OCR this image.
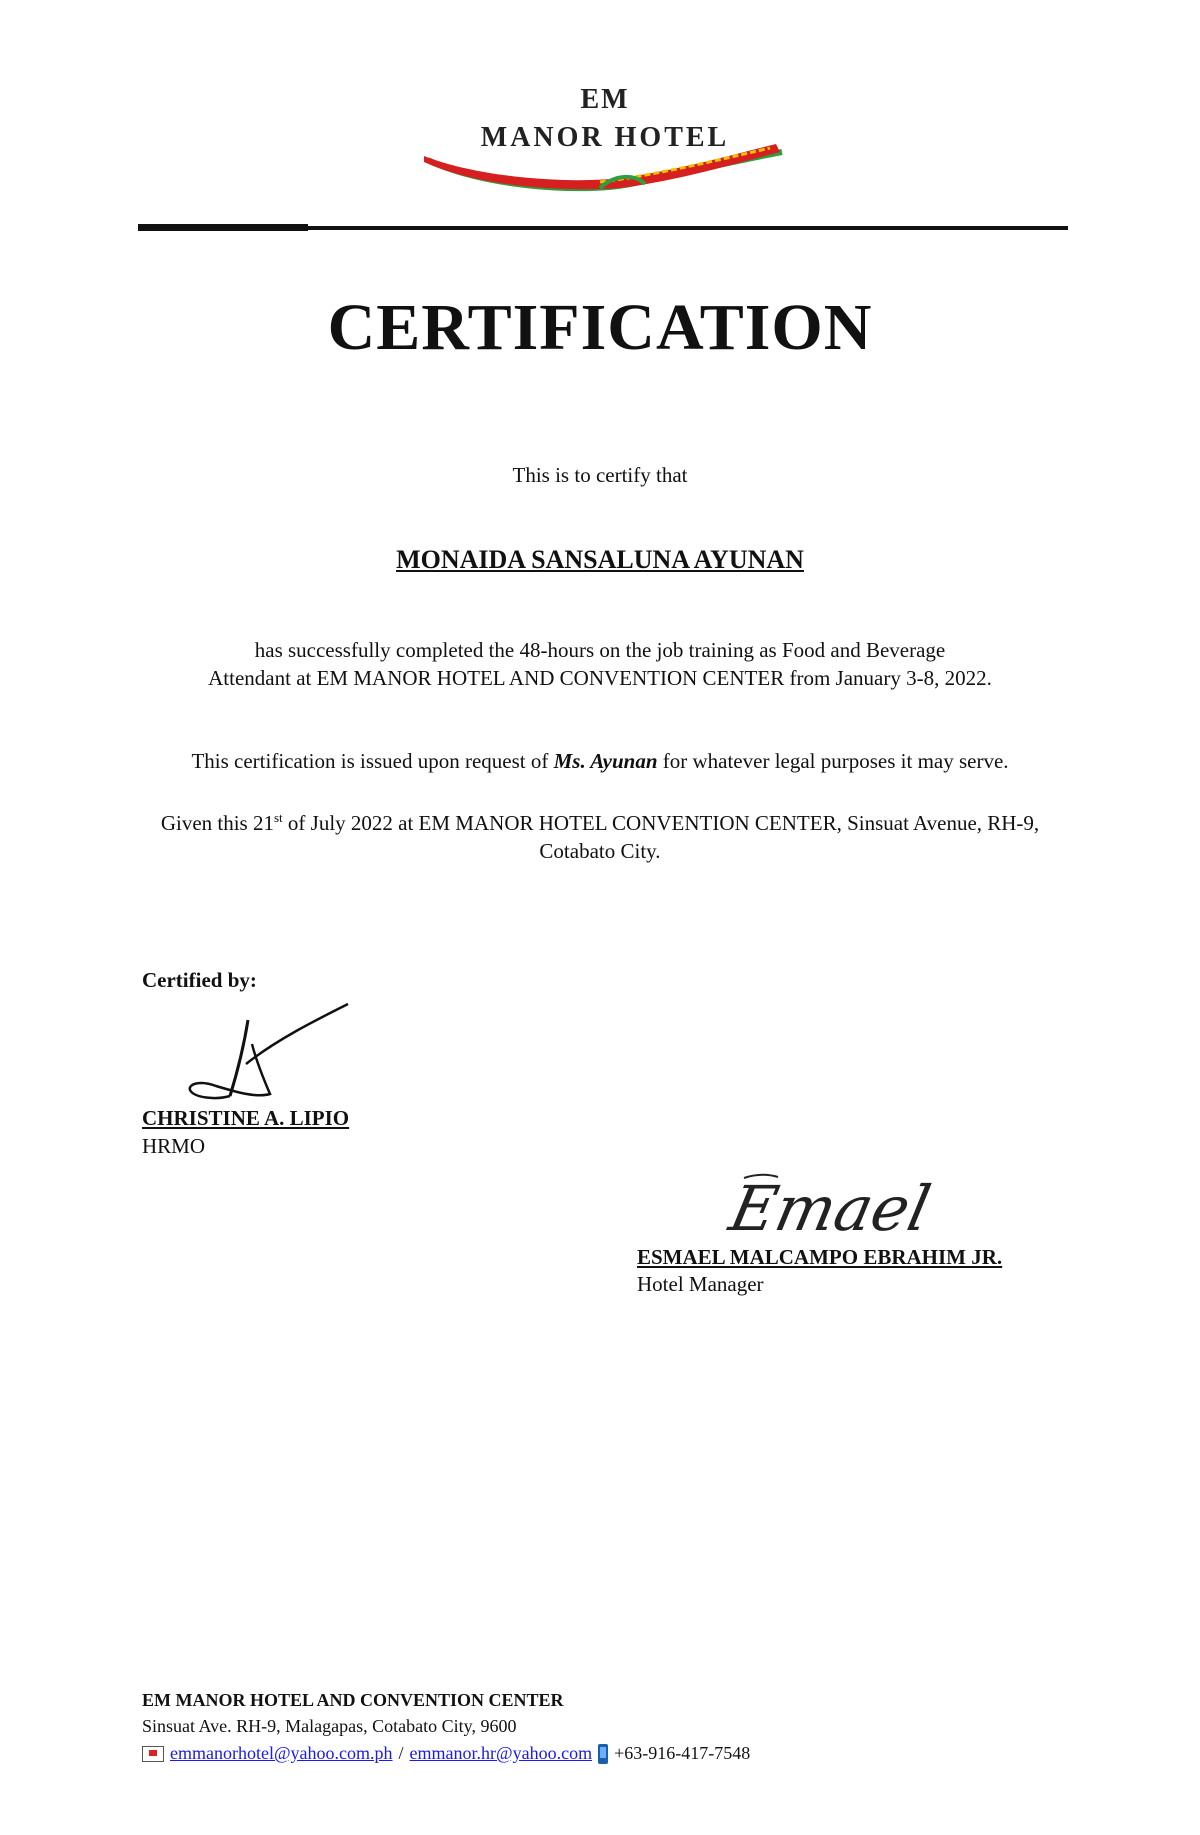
EM
MANOR HOTEL
CERTIFICATION
This is to certify that
MONAIDA SANSALUNA AYUNAN
has successfully completed the 48-hours on the job training as Food and Beverage
Attendant at EM MANOR HOTEL AND CONVENTION CENTER from January 3-8, 2022.
This certification is issued upon request of Ms. Ayunan for whatever legal purposes it may serve.
Given this 21st of July 2022 at EM MANOR HOTEL CONVENTION CENTER, Sinsuat Avenue, RH-9, Cotabato City.
Certified by:
CHRISTINE A. LIPIO
HRMO
Emael
ESMAEL MALCAMPO EBRAHIM JR.
Hotel Manager
EM MANOR HOTEL AND CONVENTION CENTER
Sinsuat Ave. RH-9, Malagapas, Cotabato City, 9600
emmanorhotel@yahoo.com.ph / emmanor.hr@yahoo.com +63-916-417-7548
